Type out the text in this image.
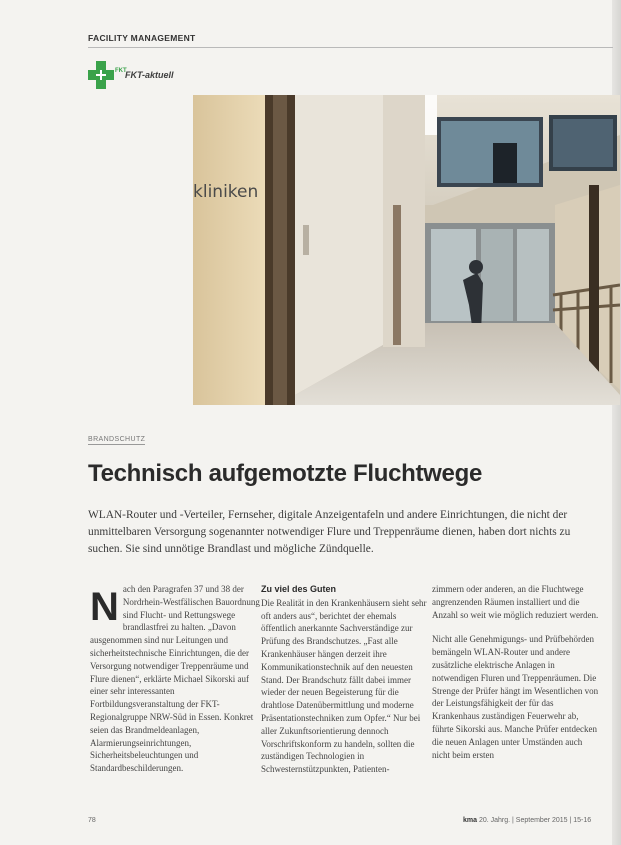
FACILITY MANAGEMENT
FKT
FKT-aktuell
kliniken
BRANDSCHUTZ
Technisch aufgemotzte Fluchtwege

WLAN-Router und -Verteiler, Fernseher, digitale Anzeigentafeln und andere Einrichtungen, die nicht der unmittelbaren Versorgung sogenannter notwendiger Flure und Treppenräume dienen, haben dort nichts zu suchen. Sie sind unnötige Brandlast und mögliche Zündquelle.

N ach den Paragrafen 37 und 38 der Nordrhein-Westfälischen Bauordnung sind Flucht- und Rettungswege brandlastfrei zu halten. „Davon ausgenommen sind nur Leitungen und sicherheitstechnische Einrichtungen, die der Versorgung notwendiger Treppenräume und Flure dienen“, erklärte Michael Sikorski auf einer sehr interessanten Fortbildungsveranstaltung der FKT-Regionalgruppe NRW-Süd in Essen. Konkret seien das Brandmeldeanlagen, Alarmierungseinrichtungen, Sicherheitsbeleuchtungen und Standardbeschilderungen.

Zu viel des Guten

Die Realität in den Krankenhäusern sieht sehr oft anders aus“, berichtet der ehemals öffentlich anerkannte Sachverständige zur Prüfung des Brandschutzes. „Fast alle Krankenhäuser hängen derzeit ihre Kommunikationstechnik auf den neuesten Stand. Der Brandschutz fällt dabei immer wieder der neuen Begeisterung für die drahtlose Datenübermittlung und moderne Präsentationstechniken zum Opfer.“ Nur bei aller Zukunftsorientierung dennoch Vorschriftskonform zu handeln, sollten die zuständigen Technologien in Schwesternstützpunkten, Patienten-

zimmern oder anderen, an die Fluchtwege angrenzenden Räumen installiert und die Anzahl so weit wie möglich reduziert werden.

Nicht alle Genehmigungs- und Prüfbehörden bemängeln WLAN-Router und andere zusätzliche elektrische Anlagen in notwendigen Fluren und Treppenräumen. Die Strenge der Prüfer hängt im Wesentlichen von der Leistungsfähigkeit der für das Krankenhaus zuständigen Feuerwehr ab, führte Sikorski aus. Manche Prüfer entdecken die neuen Anlagen unter Umständen auch nicht beim ersten

78	kma 20. Jahrg. | September 2015 | 15-16
